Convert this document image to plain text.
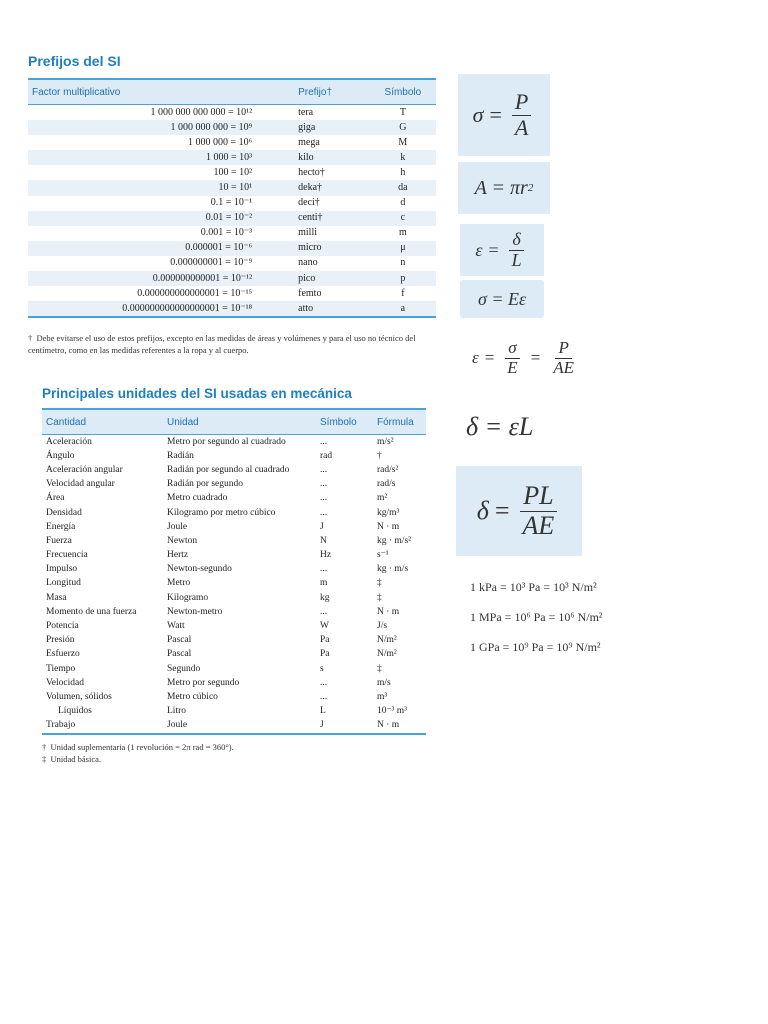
Prefijos del SI
Factor multiplicativo	Prefijo†	Símbolo
1 000 000 000 000 = 10¹²	tera	T
1 000 000 000 = 10⁹	giga	G
1 000 000 = 10⁶	mega	M
1 000 = 10³	kilo	k
100 = 10²	hecto†	h
10 = 10¹	deka†	da
0.1 = 10⁻¹	deci†	d
0.01 = 10⁻²	centi†	c
0.001 = 10⁻³	milli	m
0.000001 = 10⁻⁶	micro	μ
0.000000001 = 10⁻⁹	nano	n
0.000000000001 = 10⁻¹²	pico	p
0.000000000000001 = 10⁻¹⁵	femto	f
0.000000000000000001 = 10⁻¹⁸	atto	a
† Debe evitarse el uso de estos prefijos, excepto en las medidas de áreas y volúmenes y para el uso no técnico del centímetro, como en las medidas referentes a la ropa y al cuerpo.
Principales unidades del SI usadas en mecánica
Cantidad	Unidad	Símbolo	Fórmula
Aceleración	Metro por segundo al cuadrado	...	m/s²
Ángulo	Radián	rad	†
Aceleración angular	Radián por segundo al cuadrado	...	rad/s²
Velocidad angular	Radián por segundo	...	rad/s
Área	Metro cuadrado	...	m²
Densidad	Kilogramo por metro cúbico	...	kg/m³
Energía	Joule	J	N · m
Fuerza	Newton	N	kg · m/s²
Frecuencia	Hertz	Hz	s⁻¹
Impulso	Newton-segundo	...	kg · m/s
Longitud	Metro	m	‡
Masa	Kilogramo	kg	‡
Momento de una fuerza	Newton-metro	...	N · m
Potencia	Watt	W	J/s
Presión	Pascal	Pa	N/m²
Esfuerzo	Pascal	Pa	N/m²
Tiempo	Segundo	s	‡
Velocidad	Metro por segundo	...	m/s
Volumen, sólidos	Metro cúbico	...	m³
Líquidos	Litro	L	10⁻³ m³
Trabajo	Joule	J	N · m
† Unidad suplementaria (1 revolución = 2π rad = 360°).
‡ Unidad básica.
$\sigma = \frac{P}{A}$
A = πr 2
$\varepsilon = \frac{\delta}{L}$
σ = Eε
$\varepsilon = \frac{\sigma}{E} = \frac{P}{AE}$
δ = εL
$\delta = \frac{PL}{AE}$
1 kPa = 10³ Pa = 10³ N/m²
1 MPa = 10⁶ Pa = 10⁶ N/m²
1 GPa = 10⁹ Pa = 10⁹ N/m²
